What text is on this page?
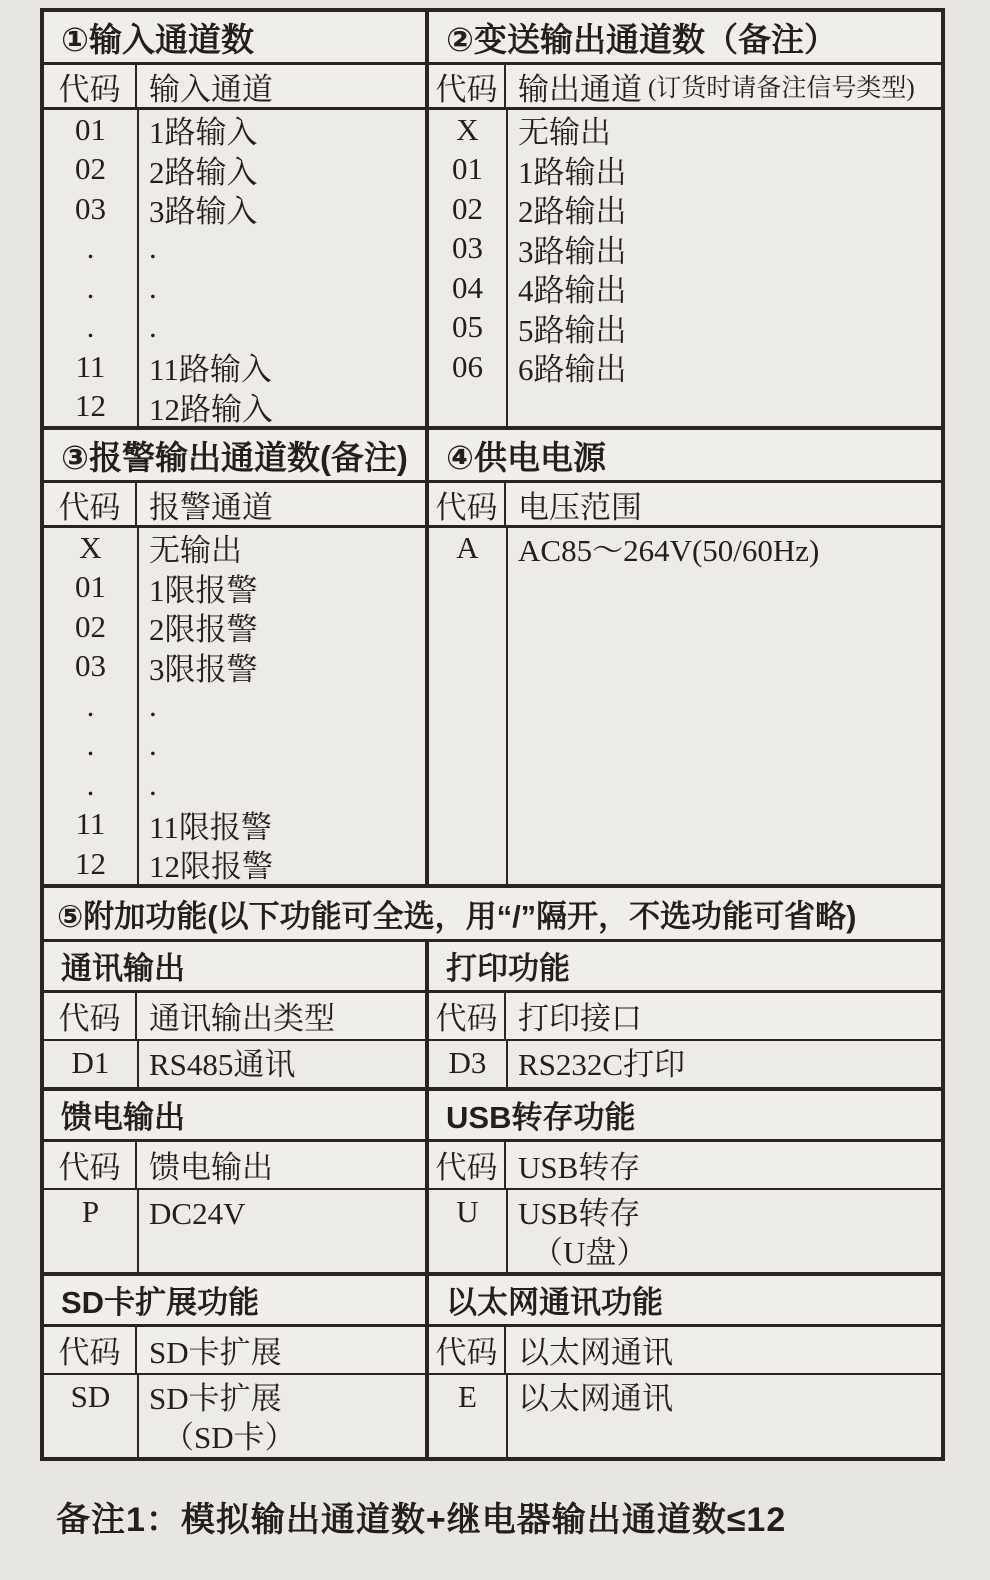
①输入通道数
代码 输入通道
01	1路输入
02	2路输入
03	3路输入
.	.
.	.
.	.
11	11路输入
12	12路输入
②变送输出通道数（备注）
代码 输出通道 (订货时请备注信号类型)
X	无输出
01	1路输出
02	2路输出
03	3路输出
04	4路输出
05	5路输出
06	6路输出
③报警输出通道数(备注)
代码 报警通道
X	无输出
01	1限报警
02	2限报警
03	3限报警
.	.
.	.
.	.
11	11限报警
12	12限报警
④供电电源
代码 电压范围
A	AC85～264V(50/60Hz)
⑤附加功能(以下功能可全选，用“/”隔开，不选功能可省略)
通讯输出
代码 通讯输出类型
D1	RS485通讯
打印功能
代码 打印接口
D3	RS232C打印
馈电输出
代码 馈电输出
P	DC24V
USB转存功能
代码 USB转存
U	USB转存
（U盘）
SD卡扩展功能
代码 SD卡扩展
SD	SD卡扩展
（SD卡）
以太网通讯功能
代码 以太网通讯
E	以太网通讯
备注1：模拟输出通道数+继电器输出通道数≤12
